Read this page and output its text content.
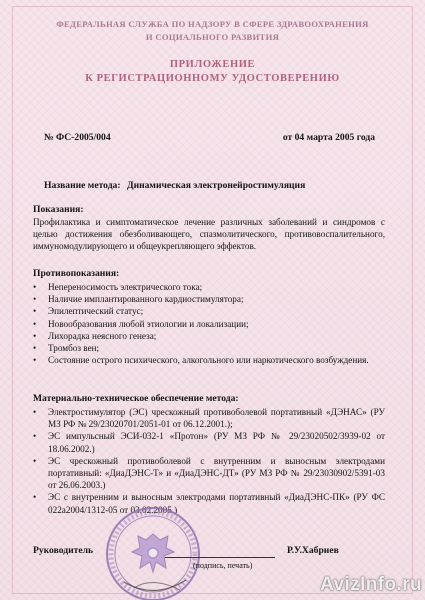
ФЕДЕРАЛЬНАЯ СЛУЖБА ПО НАДЗОРУ В СФЕРЕ ЗДРАВООХРАНЕНИЯ
И СОЦИАЛЬНОГО РАЗВИТИЯ
ПРИЛОЖЕНИЕ
К РЕГИСТРАЦИОННОМУ УДОСТОВЕРЕНИЮ
№ ФС-2005/004	от 04 марта 2005 года
Название метода: Динамическая электронейростимуляция
Показания:
Профилактика и симптоматическое лечение различных заболеваний и синдромов с целью достижения обезболивающего, спазмолитического, противовоспалительного, иммуномодулирующего и общеукрепляющего эффектов.
Противопоказания:
• Непереносимость электрического тока;
• Наличие имплантированного кардиостимулятора;
• Эпилептический статус;
• Новообразования любой этиологии и локализации;
• Лихорадка неясного генеза;
• Тромбоз вен;
• Состояние острого психического, алкогольного или наркотического возбуждения.
Материально-техническое обеспечение метода:
• Электростимулятор (ЭС) чрескожный противоболевой портативный «ДЭНАС» (РУ МЗ РФ № 29/23020701/2051-01 от 06.12.2001.);
• ЭС импульсный ЭСИ-032-1 «Протон» (РУ МЗ РФ № 29/23020502/3939-02 от 18.06.2002.)
• ЭС чрескожный противоболевой с внутренним и выносным электродами портативный: «ДиаДЭНС-Т» и «ДиаДЭНС-ДТ» (РУ МЗ РФ № 29/23030902/5391-03 от 26.06.2003.)
• ЭС с внутренним и выносным электродами портативный «ДиаДЭНС-ПК» (РУ ФС 022а2004/1312-05 от 03.02.2005.)
Руководитель
(подпись, печать)
Р.У.Хабриев
AvizInfo.ru
